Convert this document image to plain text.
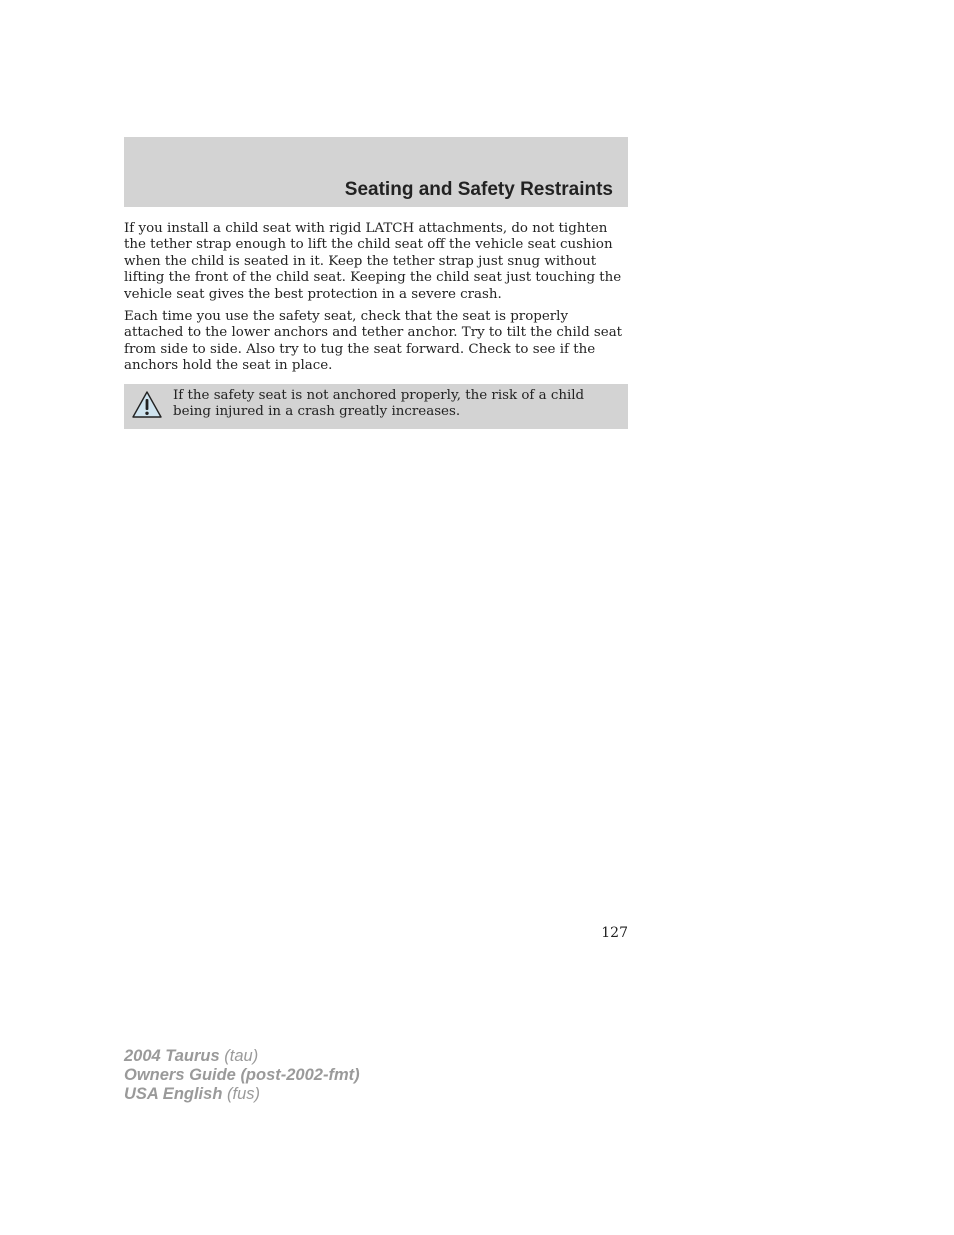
Seating and Safety Restraints

If you install a child seat with rigid LATCH attachments, do not tighten the tether strap enough to lift the child seat off the vehicle seat cushion when the child is seated in it. Keep the tether strap just snug without lifting the front of the child seat. Keeping the child seat just touching the vehicle seat gives the best protection in a severe crash.

Each time you use the safety seat, check that the seat is properly attached to the lower anchors and tether anchor. Try to tilt the child seat from side to side. Also try to tug the seat forward. Check to see if the anchors hold the seat in place.

If the safety seat is not anchored properly, the risk of a child being injured in a crash greatly increases.

127
2004 Taurus (tau)
Owners Guide (post-2002-fmt)
USA English (fus)
